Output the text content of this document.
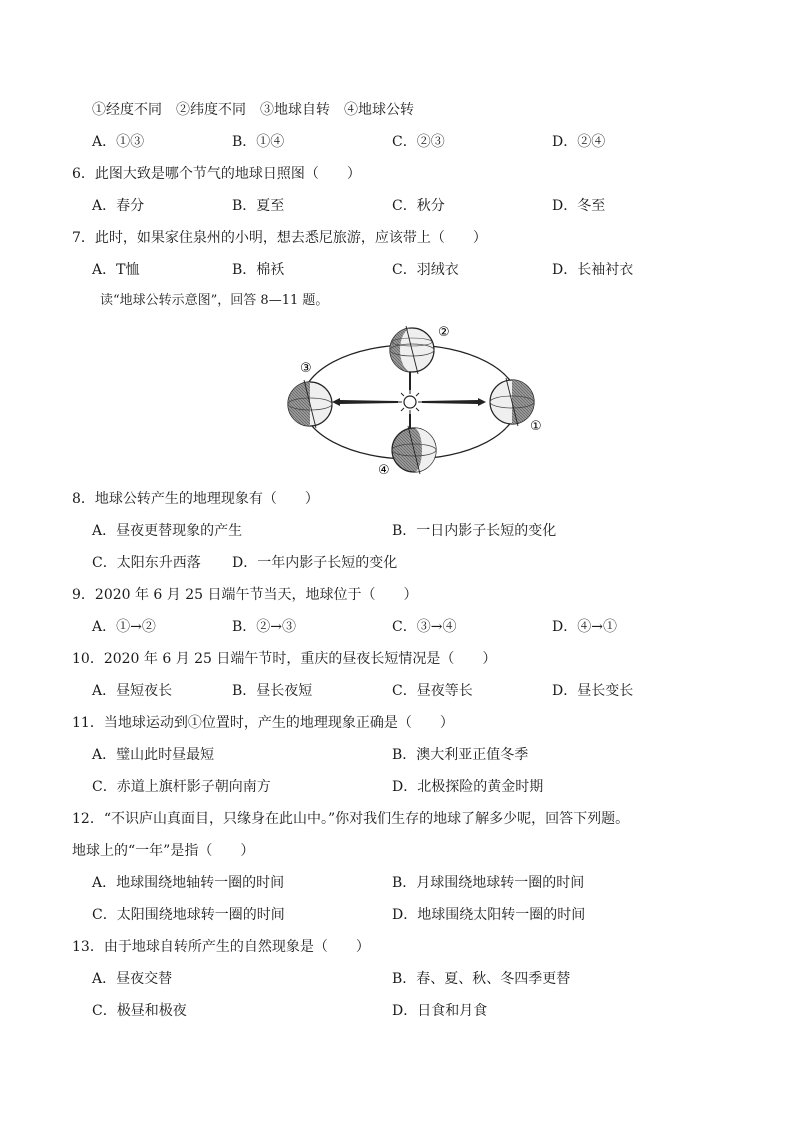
①经度不同　②纬度不同　③地球自转　④地球公转
A．①③	B．①④	C．②③	D．②④
6．此图大致是哪个节气的地球日照图（　　）
A．春分	B．夏至	C．秋分	D．冬至
7．此时，如果家住泉州的小明，想去悉尼旅游，应该带上（　　）
A．T恤	B．棉袄	C．羽绒衣	D．长袖衬衣
读“地球公转示意图”，回答 8—11 题。
②
①
③
④
8．地球公转产生的地理现象有（　　）
A．昼夜更替现象的产生	B．一日内影子长短的变化
C．太阳东升西落 D．一年内影子长短的变化
9．2020 年 6 月 25 日端午节当天，地球位于（　　）
A．①→②	B．②→③	C．③→④	D．④→①
10．2020 年 6 月 25 日端午节时，重庆的昼夜长短情况是（　　）
A．昼短夜长	B．昼长夜短	C．昼夜等长	D．昼长变长
11．当地球运动到①位置时，产生的地理现象正确是（　　）
A．璧山此时昼最短	B．澳大利亚正值冬季
C．赤道上旗杆影子朝向南方	D．北极探险的黄金时期
12．“不识庐山真面目，只缘身在此山中。”你对我们生存的地球了解多少呢，回答下列题。
地球上的“一年”是指（　　）
A．地球围绕地轴转一圈的时间	B．月球围绕地球转一圈的时间
C．太阳围绕地球转一圈的时间	D．地球围绕太阳转一圈的时间
13．由于地球自转所产生的自然现象是（　　）
A．昼夜交替	B．春、夏、秋、冬四季更替
C．极昼和极夜	D．日食和月食
